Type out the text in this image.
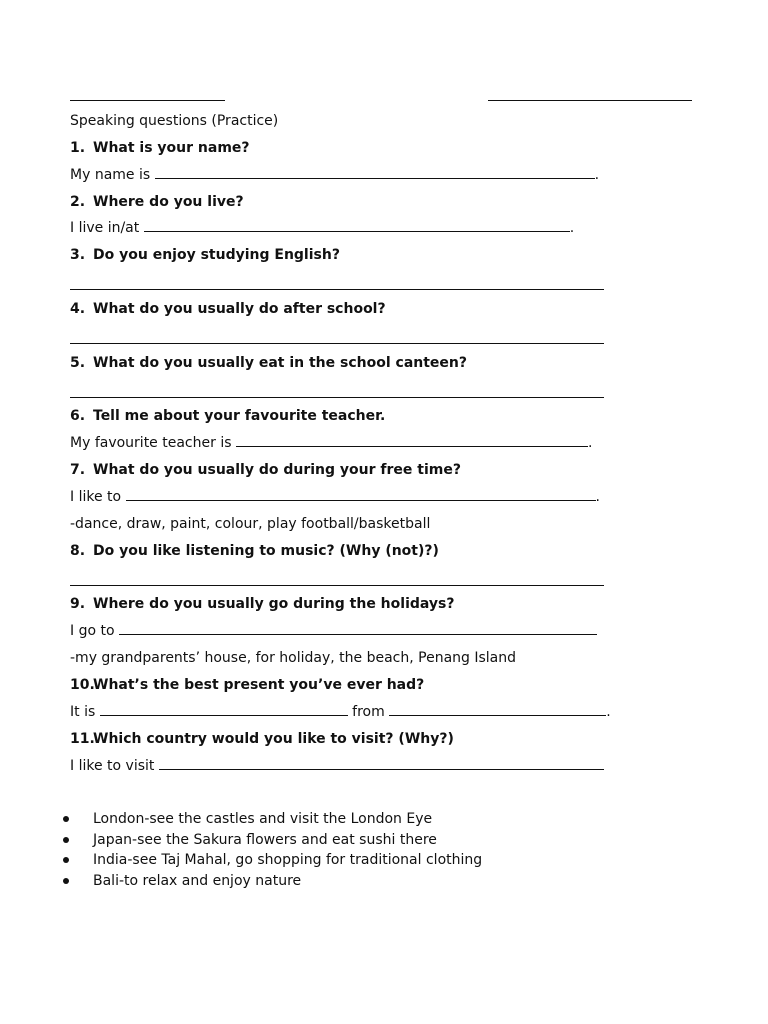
Speaking questions (Practice)
1. What is your name?
My name is	.
2. Where do you live?
I live in/at	.
3. Do you enjoy studying English?
4. What do you usually do after school?
5. What do you usually eat in the school canteen?
6. Tell me about your favourite teacher.
My favourite teacher is	.
7. What do you usually do during your free time?
I like to	.
-dance, draw, paint, colour, play football/basketball
8. Do you like listening to music? (Why (not)?)
9. Where do you usually go during the holidays?
I go to
-my grandparents’ house, for holiday, the beach, Penang Island
10.What’s the best present you’ve ever had?
It is	from	.
11.Which country would you like to visit? (Why?)
I like to visit
London-see the castles and visit the London Eye
Japan-see the Sakura flowers and eat sushi there
India-see Taj Mahal, go shopping for traditional clothing
Bali-to relax and enjoy nature
